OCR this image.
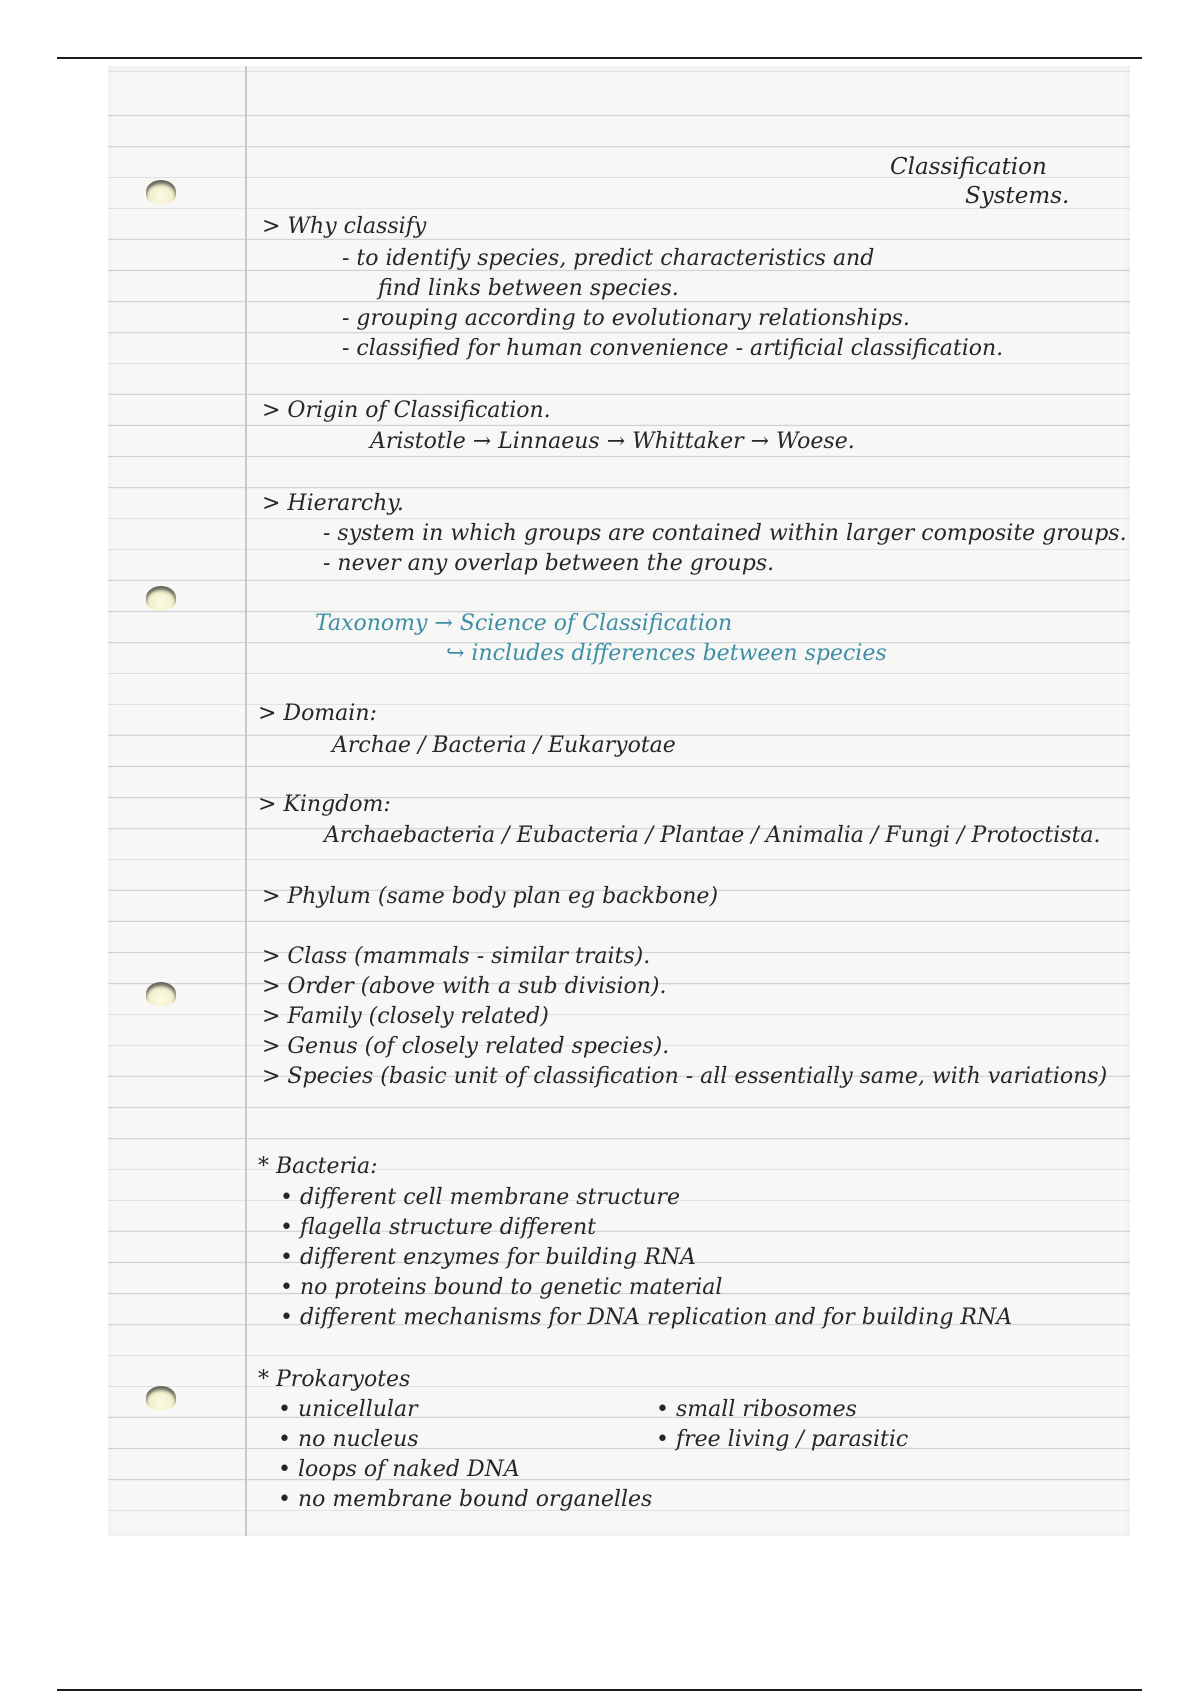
Classification
Systems.
> Why classify
- to identify species, predict characteristics and
find links between species.
- grouping according to evolutionary relationships.
- classified for human convenience - artificial classification.
> Origin of Classification.
Aristotle → Linnaeus → Whittaker → Woese.
> Hierarchy.
- system in which groups are contained within larger composite groups.
- never any overlap between the groups.
Taxonomy → Science of Classification
↪ includes differences between species
> Domain:
Archae / Bacteria / Eukaryotae
> Kingdom:
Archaebacteria / Eubacteria / Plantae / Animalia / Fungi / Protoctista.
> Phylum (same body plan eg backbone)
> Class (mammals - similar traits).
> Order (above with a sub division).
> Family (closely related)
> Genus (of closely related species).
> Species (basic unit of classification - all essentially same, with variations)
* Bacteria:
• different cell membrane structure
• flagella structure different
• different enzymes for building RNA
• no proteins bound to genetic material
• different mechanisms for DNA replication and for building RNA
* Prokaryotes
• unicellular
• no nucleus
• loops of naked DNA
• no membrane bound organelles
• small ribosomes
• free living / parasitic
